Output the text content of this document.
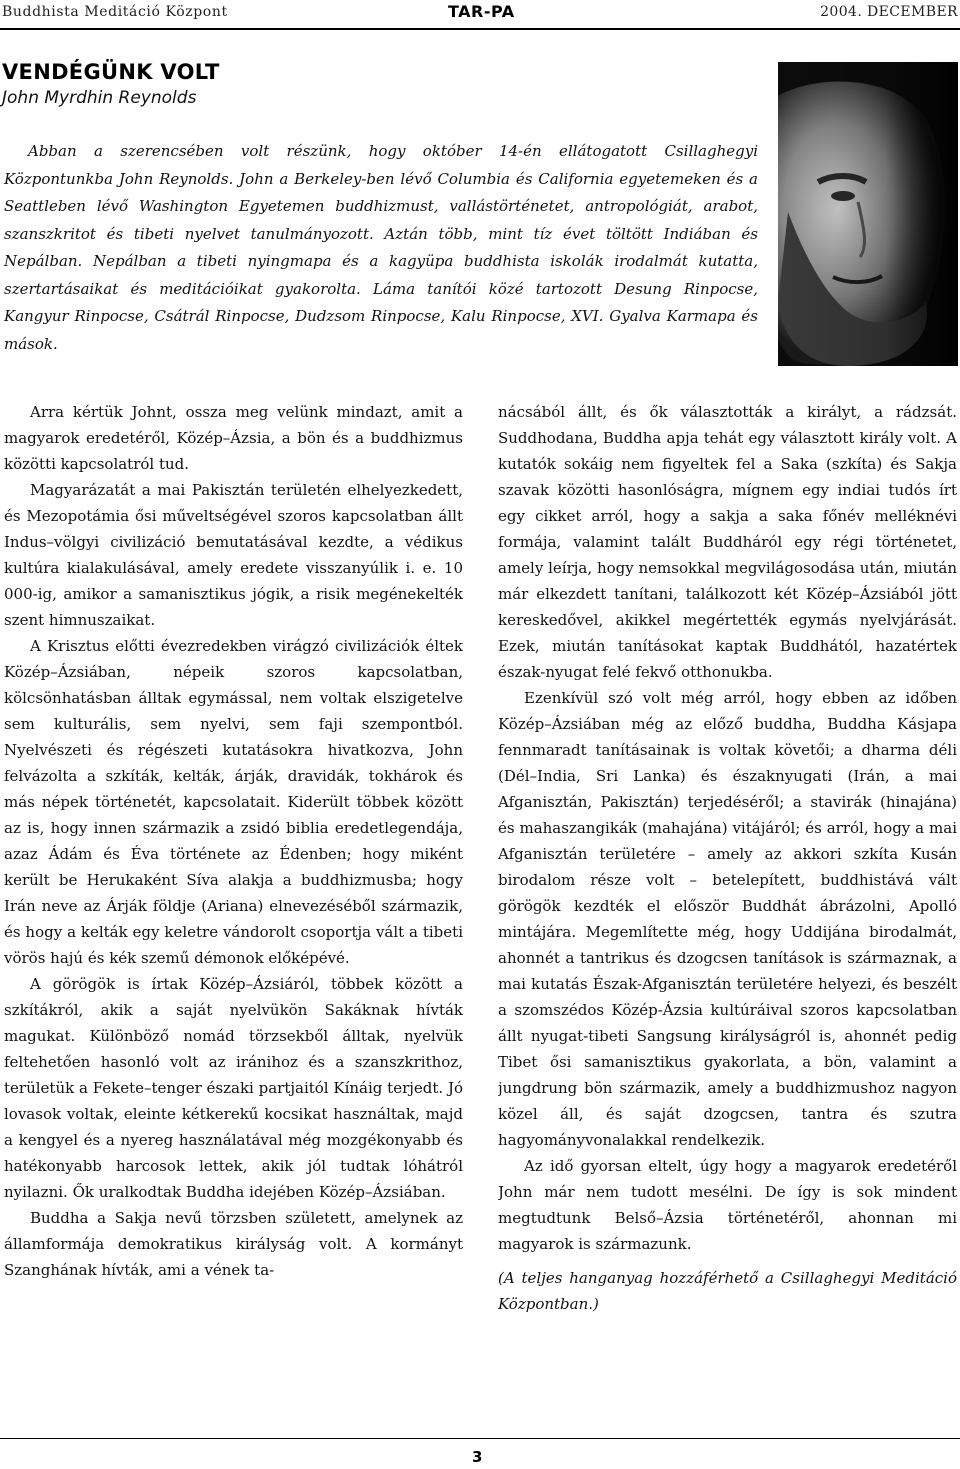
Buddhista Meditáció Központ	TAR-PA	2004. DECEMBER
VENDÉGÜNK VOLT
John Myrdhin Reynolds

Abban a szerencsében volt részünk, hogy október 14-én ellátogatott Csillaghegyi Központunkba John Reynolds. John a Berkeley-ben lévő Columbia és California egyetemeken és a Seattleben lévő Washington Egyetemen buddhizmust, vallástörténetet, antropológiát, arabot, szanszkritot és tibeti nyelvet tanulmányozott. Aztán több, mint tíz évet töltött Indiában és Nepálban. Nepálban a tibeti nyingmapa és a kagyüpa buddhista iskolák irodalmát kutatta, szertartásaikat és meditációikat gyakorolta. Láma tanítói közé tartozott Desung Rinpocse, Kangyur Rinpocse, Csátrál Rinpocse, Dudzsom Rinpocse, Kalu Rinpocse, XVI. Gyalva Karmapa és mások.

Arra kértük Johnt, ossza meg velünk mindazt, amit a magyarok eredetéről, Közép–Ázsia, a bön és a buddhizmus közötti kapcsolatról tud.

Magyarázatát a mai Pakisztán területén elhelyezkedett, és Mezopotámia ősi műveltségével szoros kapcsolatban állt Indus–völgyi civilizáció bemutatásával kezdte, a védikus kultúra kialakulásával, amely eredete visszanyúlik i. e. 10 000-ig, amikor a samanisztikus jógik, a risik megénekelték szent himnuszaikat.

A Krisztus előtti évezredekben virágzó civilizációk éltek Közép–Ázsiában, népeik szoros kapcsolatban, kölcsönhatásban álltak egymással, nem voltak elszigetelve sem kulturális, sem nyelvi, sem faji szempontból. Nyelvészeti és régészeti kutatásokra hivatkozva, John felvázolta a szkíták, kelták, árják, dravidák, tokhárok és más népek történetét, kapcsolatait. Kiderült többek között az is, hogy innen származik a zsidó biblia eredetlegendája, azaz Ádám és Éva története az Édenben; hogy miként került be Herukaként Síva alakja a buddhizmusba; hogy Irán neve az Árják földje (Ariana) elnevezéséből származik, és hogy a kelták egy keletre vándorolt csoportja vált a tibeti vörös hajú és kék szemű démonok előképévé.

A görögök is írtak Közép–Ázsiáról, többek között a szkítákról, akik a saját nyelvükön Sakáknak hívták magukat. Különböző nomád törzsekből álltak, nyelvük feltehetően hasonló volt az iránihoz és a szanszkrithoz, területük a Fekete–tenger északi partjaitól Kínáig terjedt. Jó lovasok voltak, eleinte kétkerekű kocsikat használtak, majd a kengyel és a nyereg használatával még mozgékonyabb és hatékonyabb harcosok lettek, akik jól tudtak lóhátról nyilazni. Ők uralkodtak Buddha idejében Közép–Ázsiában.

Buddha a Sakja nevű törzsben született, amelynek az államformája demokratikus királyság volt. A kormányt Szanghának hívták, ami a vének ta-

nácsából állt, és ők választották a királyt, a rádzsát. Suddhodana, Buddha apja tehát egy választott király volt. A kutatók sokáig nem figyeltek fel a Saka (szkíta) és Sakja szavak közötti hasonlóságra, mígnem egy indiai tudós írt egy cikket arról, hogy a sakja a saka főnév melléknévi formája, valamint talált Buddháról egy régi történetet, amely leírja, hogy nemsokkal megvilágosodása után, miután már elkezdett tanítani, találkozott két Közép–Ázsiából jött kereskedővel, akikkel megértették egymás nyelvjárását. Ezek, miután tanításokat kaptak Buddhától, hazatértek észak-nyugat felé fekvő otthonukba.

Ezenkívül szó volt még arról, hogy ebben az időben Közép–Ázsiában még az előző buddha, Buddha Kásjapa fennmaradt tanításainak is voltak követői; a dharma déli (Dél–India, Sri Lanka) és északnyugati (Irán, a mai Afganisztán, Pakisztán) terjedéséről; a stavirák (hinajána) és mahaszangikák (mahajána) vitájáról; és arról, hogy a mai Afganisztán területére – amely az akkori szkíta Kusán birodalom része volt – betelepített, buddhistává vált görögök kezdték el először Buddhát ábrázolni, Apolló mintájára. Megemlítette még, hogy Uddijána birodalmát, ahonnét a tantrikus és dzogcsen tanítások is származnak, a mai kutatás Észak-Afganisztán területére helyezi, és beszélt a szomszédos Közép-Ázsia kultúráival szoros kapcsolatban állt nyugat-tibeti Sangsung királyságról is, ahonnét pedig Tibet ősi samanisztikus gyakorlata, a bön, valamint a jungdrung bön származik, amely a buddhizmushoz nagyon közel áll, és saját dzogcsen, tantra és szutra hagyományvonalakkal rendelkezik.

Az idő gyorsan eltelt, úgy hogy a magyarok eredetéről John már nem tudott mesélni. De így is sok mindent megtudtunk Belső–Ázsia történetéről, ahonnan mi magyarok is származunk.

(A teljes hanganyag hozzáférhető a Csillaghegyi Meditáció Központban.)

3
